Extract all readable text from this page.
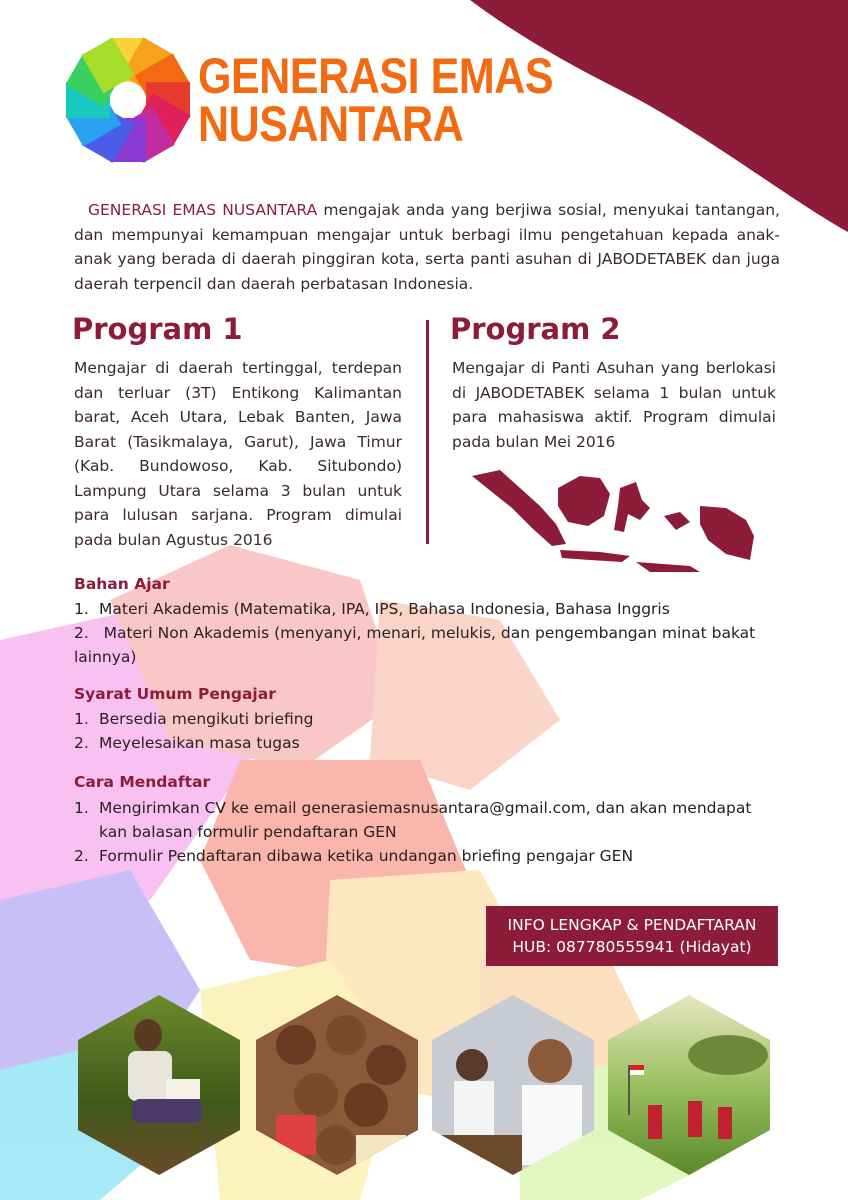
GENERASI EMAS
NUSANTARA
GENERASI EMAS NUSANTARA mengajak anda yang berjiwa sosial, menyukai tantangan, dan mempunyai kemampuan mengajar untuk berbagi ilmu pengetahuan kepada anak-anak yang berada di daerah pinggiran kota, serta panti asuhan di JABODETABEK dan juga daerah terpencil dan daerah perbatasan Indonesia.
Program 1	Program 2
Mengajar di daerah tertinggal, terdepan dan terluar (3T) Entikong Kalimantan barat, Aceh Utara, Lebak Banten, Jawa Barat (Tasikmalaya, Garut), Jawa Timur (Kab. Bundowoso, Kab. Situbondo) Lampung Utara selama 3 bulan untuk para lulusan sarjana. Program dimulai pada bulan Agustus 2016
Mengajar di Panti Asuhan yang berlokasi di JABODETABEK selama 1 bulan untuk para mahasiswa aktif. Program dimulai pada bulan Mei 2016
Bahan Ajar
1. Materi Akademis (Matematika, IPA, IPS, Bahasa Indonesia, Bahasa Inggris
2. Materi Non Akademis (menyanyi, menari, melukis, dan pengembangan minat bakat lainnya)
Syarat Umum Pengajar
1. Bersedia mengikuti briefing
2. Meyelesaikan masa tugas
Cara Mendaftar
1. Mengirimkan CV ke email generasiemasnusantara@gmail.com, dan akan mendapat kan balasan formulir pendaftaran GEN
2. Formulir Pendaftaran dibawa ketika undangan briefing pengajar GEN
INFO LENGKAP & PENDAFTARAN
HUB: 087780555941 (Hidayat)
